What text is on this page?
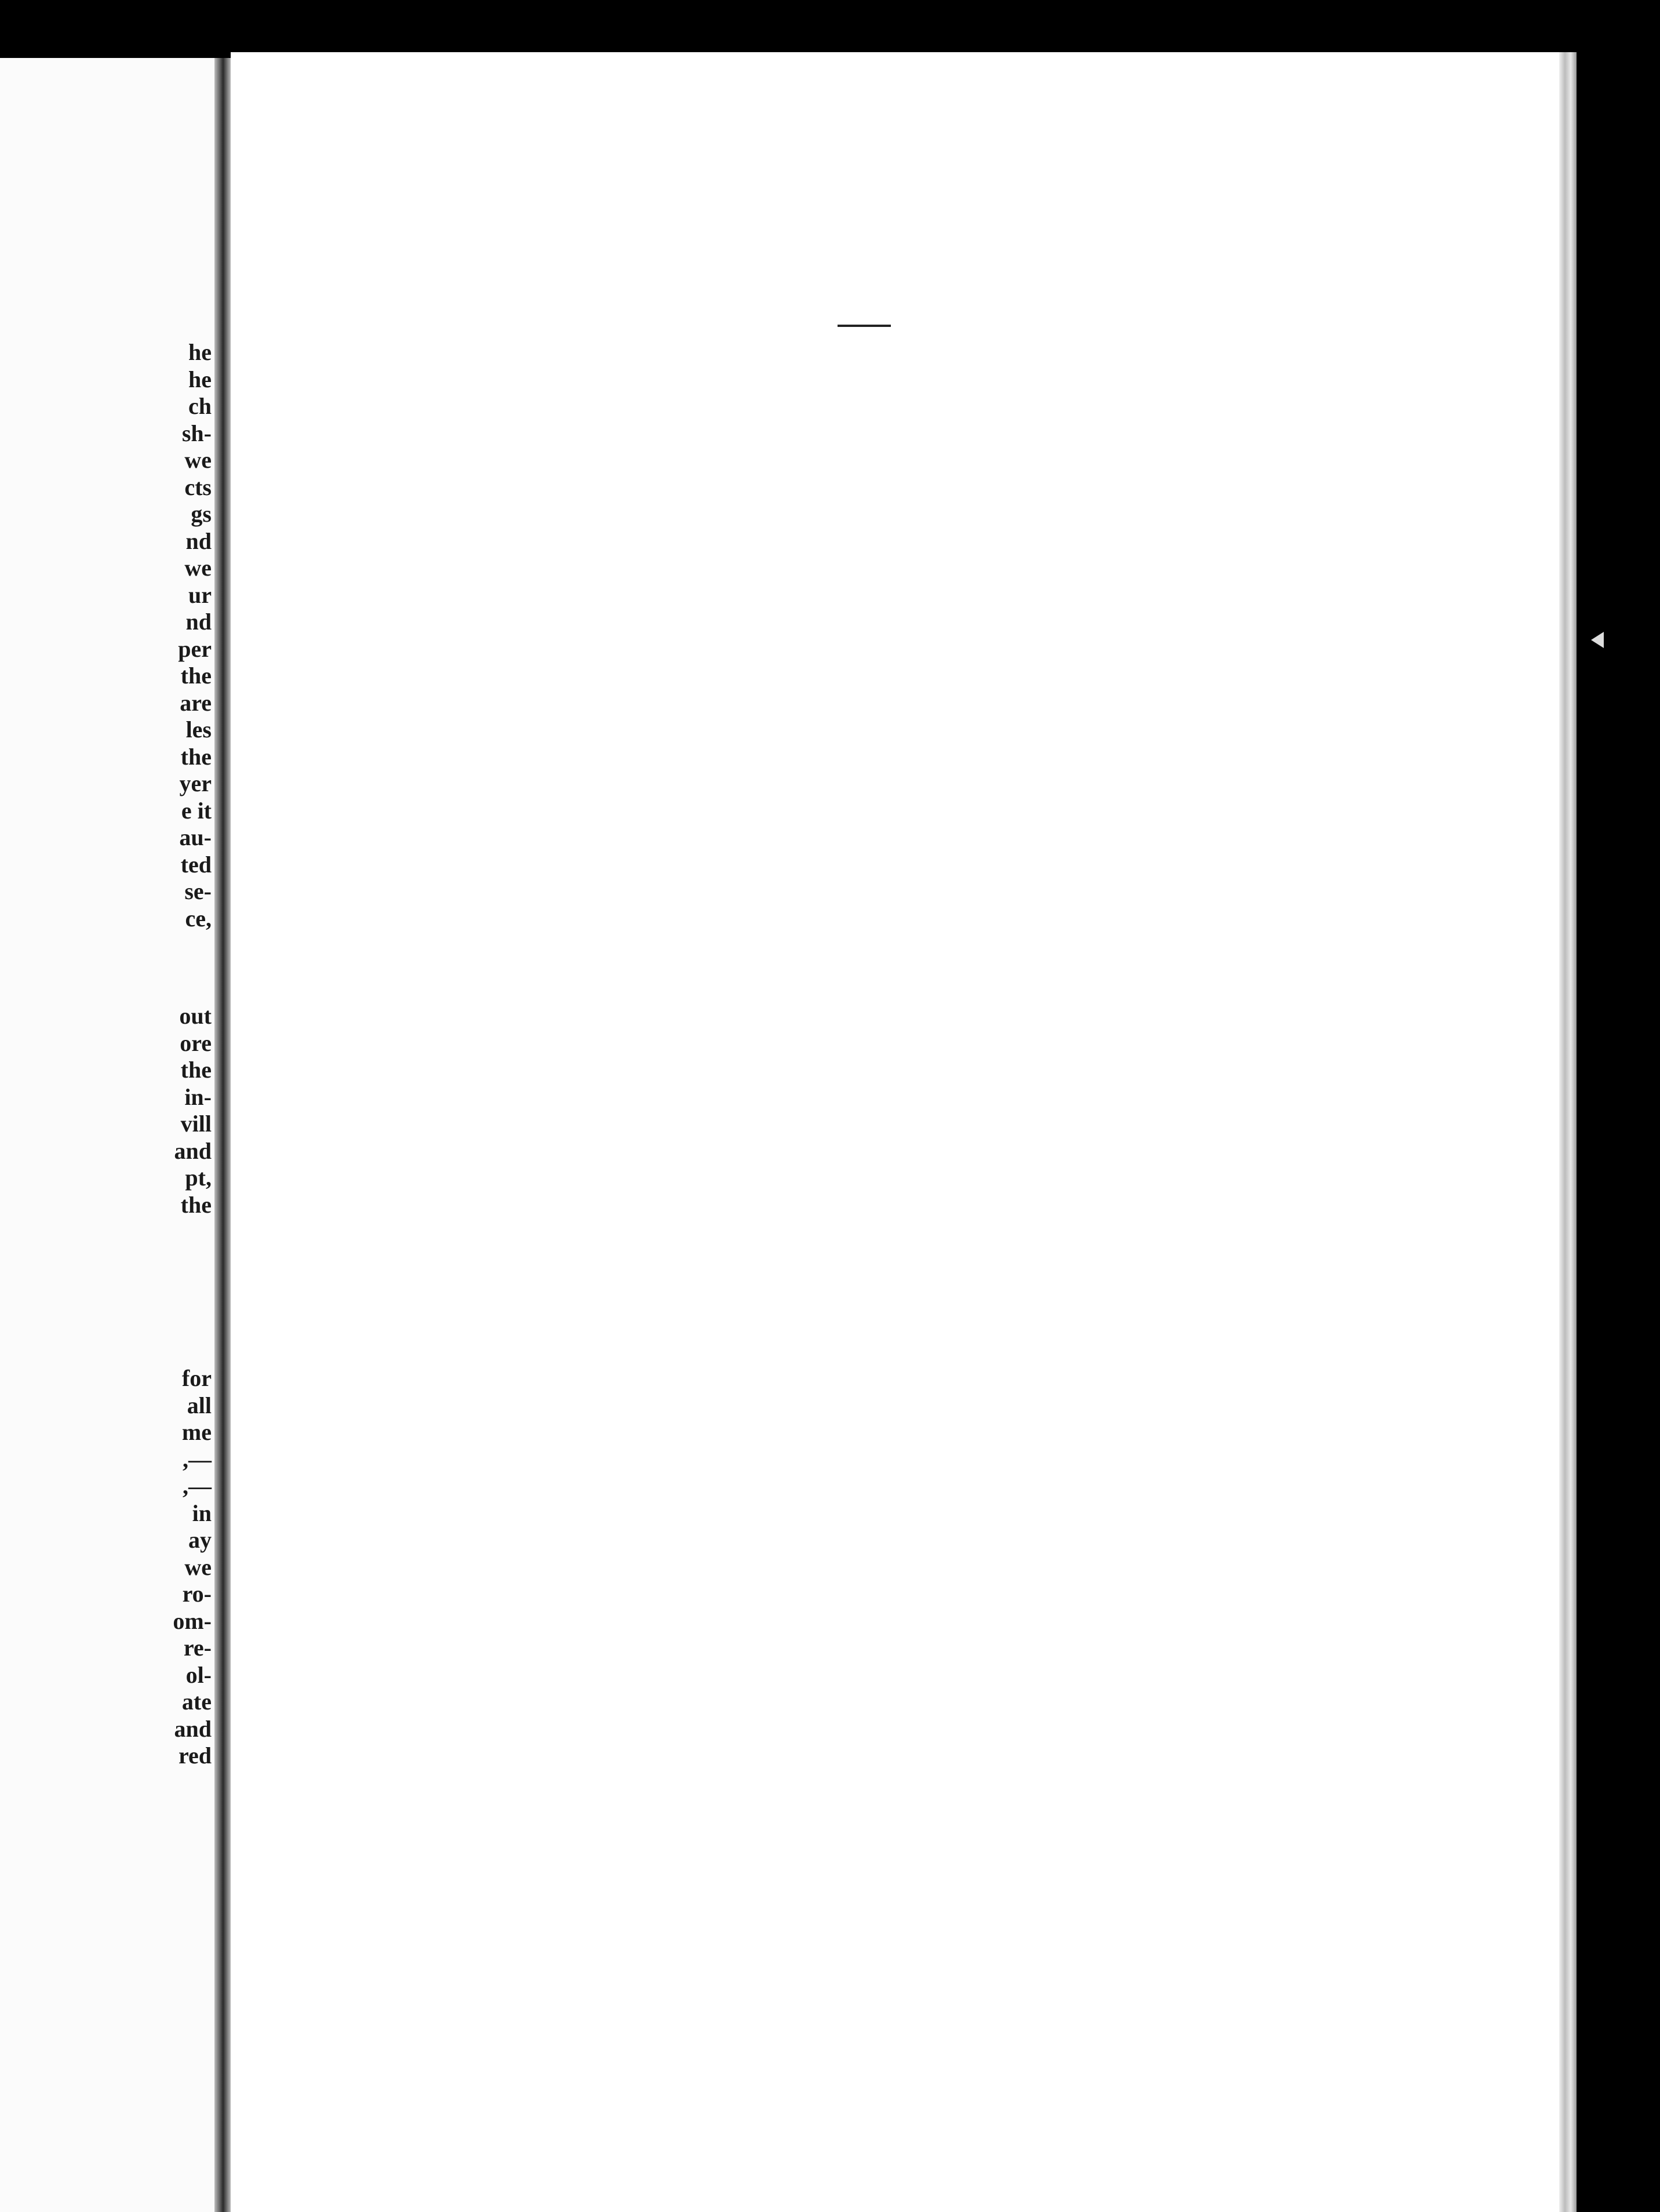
he
he
ch
sh-
we
cts
gs
nd
we
ur
nd
per
the
are
les
the
yer
e it
au-
ted
se-
ce,
out
ore
the
in-
vill
and
pt,
the
for
all
me
,—
,—
in
ay
we
ro-
om-
re-
ol-
ate
and
red
